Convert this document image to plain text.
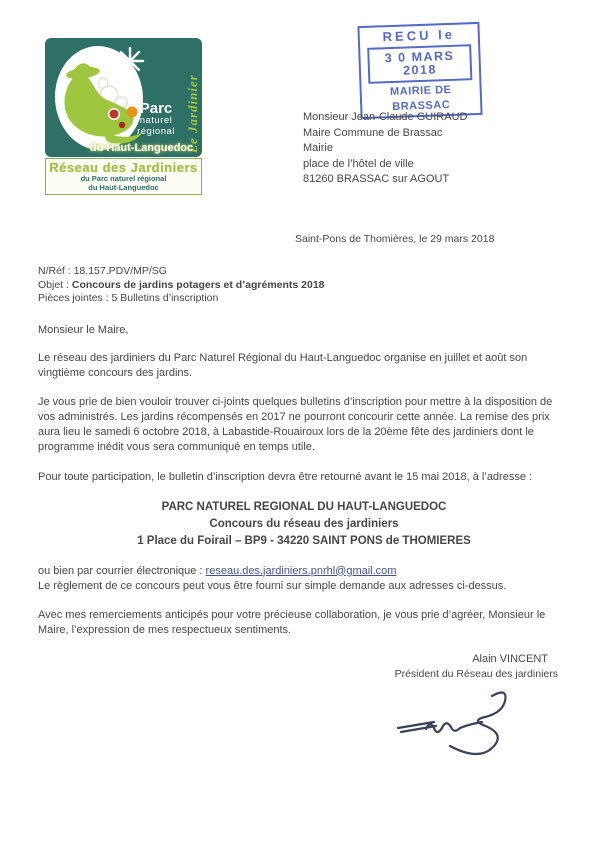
Le Jardinier
Parc
naturel
régional
du Haut-Languedoc
Réseau des Jardiniers
du Parc naturel régional
du Haut-Languedoc
RECU le
3 0 MARS 2018
MAIRIE DE BRASSAC
Monsieur Jean-Claude GUIRAUD
Maire Commune de Brassac
Mairie
place de l’hôtel de ville
81260 BRASSAC sur AGOUT
Saint-Pons de Thomières, le 29 mars 2018
N/Réf : 18.157.PDV/MP/SG
Objet : Concours de jardins potagers et d’agréments 2018
Pièces jointes : 5 Bulletins d’inscription

Monsieur le Maire,

Le réseau des jardiniers du Parc Naturel Régional du Haut-Languedoc organise en juillet et août son vingtième concours des jardins.

Je vous prie de bien vouloir trouver ci-joints quelques bulletins d’inscription pour mettre à la disposition de vos administrés. Les jardins récompensés en 2017 ne pourront concourir cette année. La remise des prix aura lieu le samedi 6 octobre 2018, à Labastide-Rouairoux lors de la 20ème fête des jardiniers dont le programme inédit vous sera communiqué en temps utile.

Pour toute participation, le bulletin d’inscription devra être retourné avant le 15 mai 2018, à l’adresse :

PARC NATUREL REGIONAL DU HAUT-LANGUEDOC
Concours du réseau des jardiniers
1 Place du Foirail – BP9 - 34220 SAINT PONS de THOMIERES

ou bien par courrier électronique : reseau.des.jardiniers.pnrhl@gmail.com

Le règlement de ce concours peut vous être fourni sur simple demande aux adresses ci-dessus.

Avec mes remerciements anticipés pour votre précieuse collaboration, je vous prie d’agréer, Monsieur le Maire, l’expression de mes respectueux sentiments.

Alain VINCENT
Président du Réseau des jardiniers
